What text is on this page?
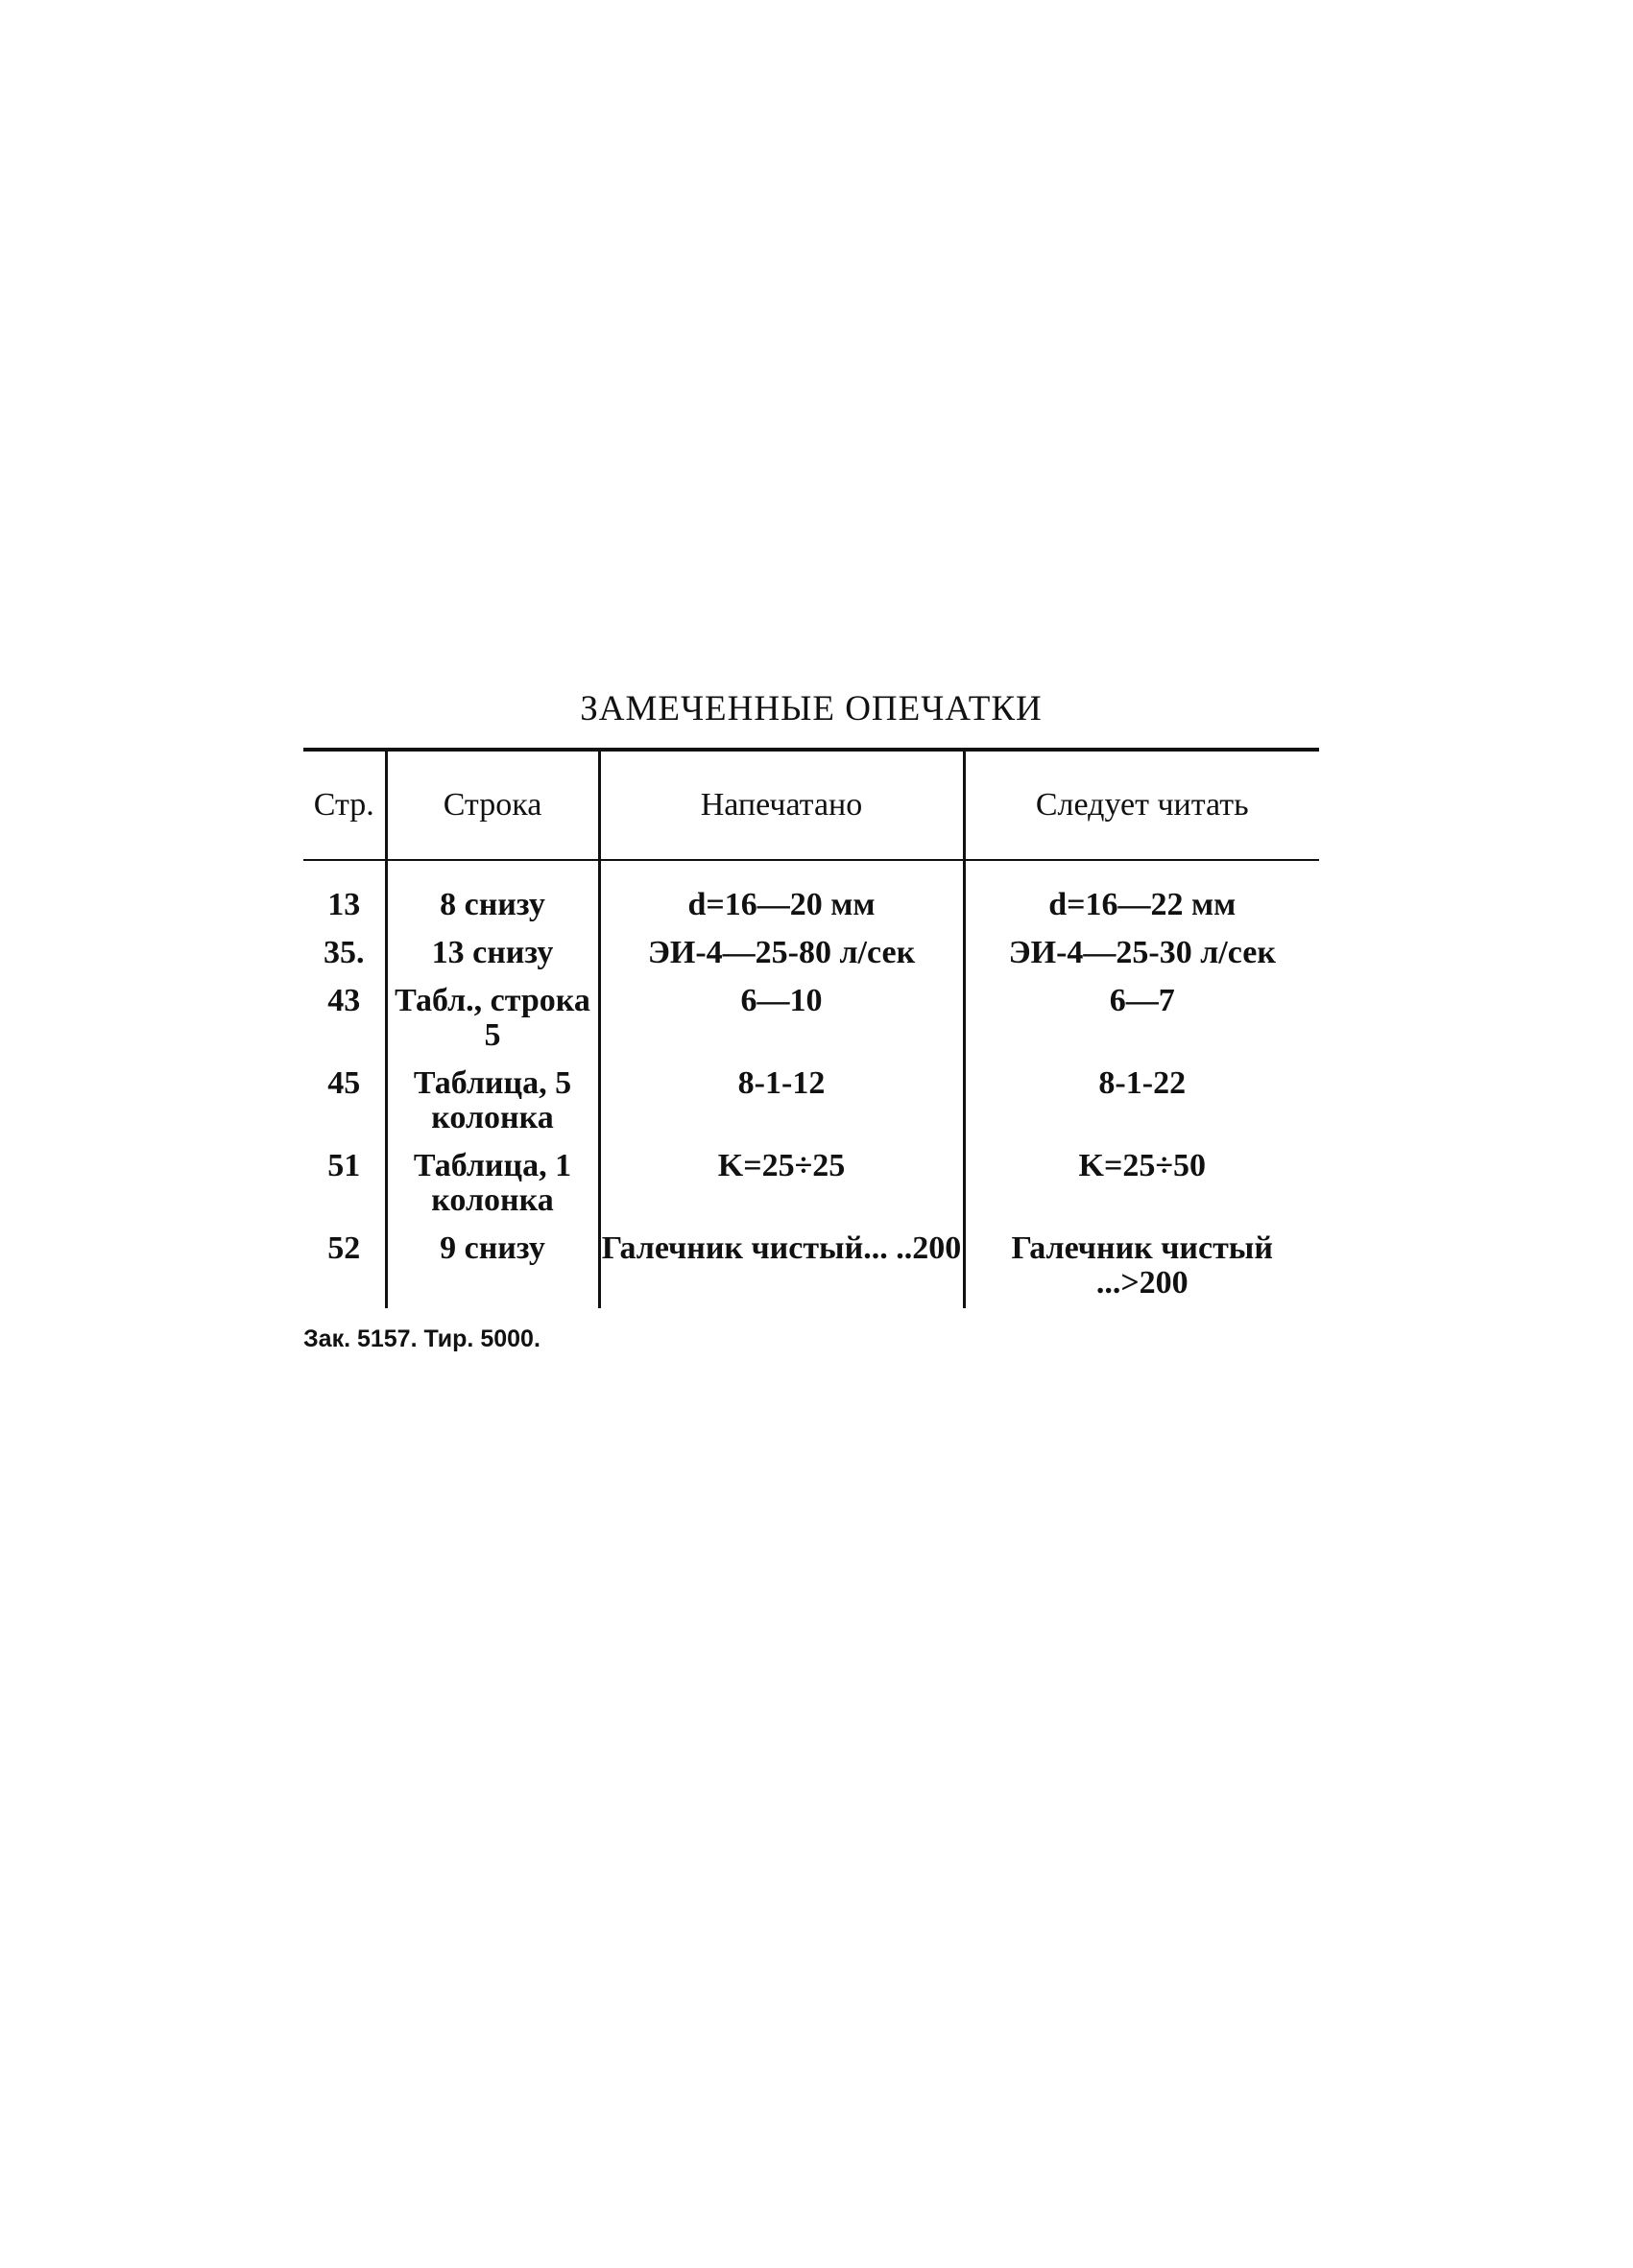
ЗАМЕЧЕННЫЕ ОПЕЧАТКИ
Стр.	Строка	Напечатано	Следует читать
13	8 снизу	d=16—20 мм	d=16—22 мм
35.	13 снизу	ЭИ-4—25-80 л/сек	ЭИ-4—25-30 л/сек
43	Табл., строка 5	6—10	6—7
45	Таблица, 5 колонка	8-1-12	8-1-22
51	Таблица, 1 колонка	K=25÷25	K=25÷50
52	9 снизу	Галечник чистый... ..200	Галечник чистый ...>200
Зак. 5157. Тир. 5000.
